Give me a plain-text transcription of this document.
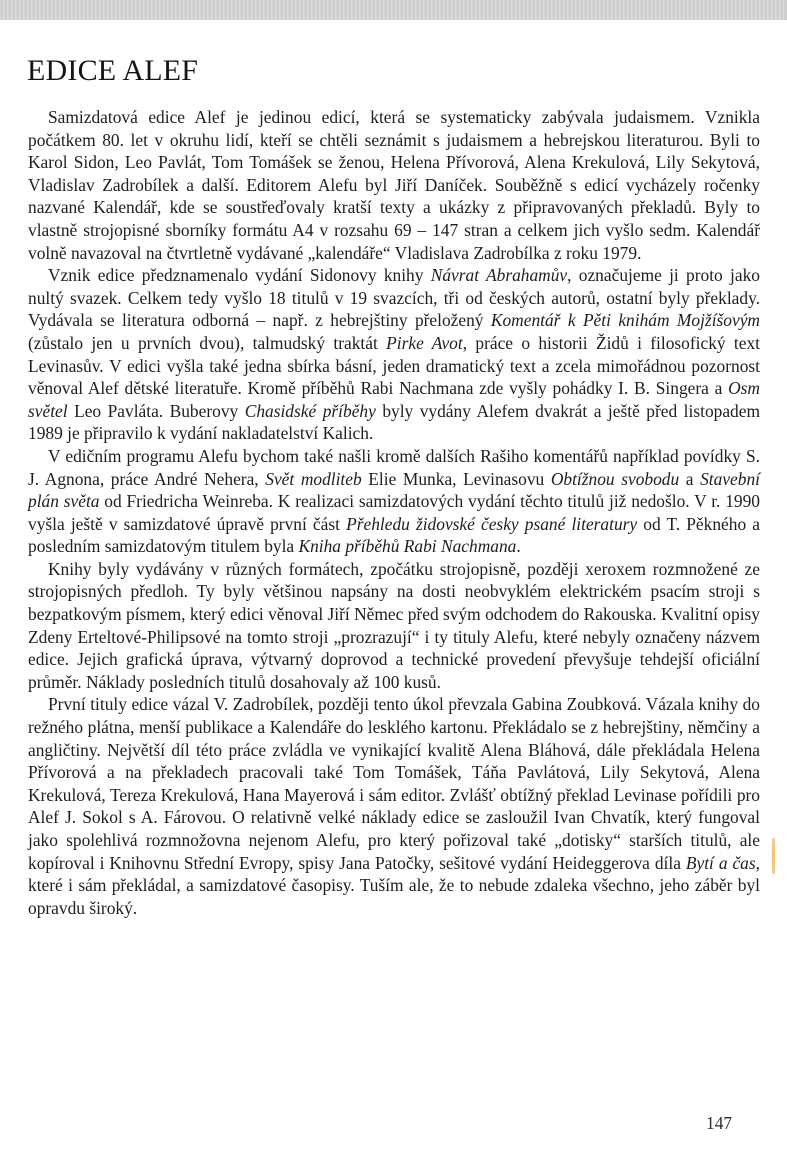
EDICE ALEF

Samizdatová edice Alef je jedinou edicí, která se systematicky zabývala judaismem. Vznikla počátkem 80. let v okruhu lidí, kteří se chtěli seznámit s judaismem a hebrejskou literaturou. Byli to Karol Sidon, Leo Pavlát, Tom Tomášek se ženou, Helena Přívorová, Alena Krekulová, Lily Sekytová, Vladislav Zadrobílek a další. Editorem Alefu byl Jiří Daníček. Souběžně s edicí vycházely ročenky nazvané Kalendář, kde se soustřeďovaly kratší texty a ukázky z připravovaných překladů. Byly to vlastně strojopisné sborníky formátu A4 v rozsahu 69 – 147 stran a celkem jich vyšlo sedm. Kalendář volně navazoval na čtvrtletně vydávané „kalendáře“ Vladislava Zadrobílka z roku 1979.

Vznik edice předznamenalo vydání Sidonovy knihy Návrat Abrahamův, označujeme ji proto jako nultý svazek. Celkem tedy vyšlo 18 titulů v 19 svazcích, tři od českých autorů, ostatní byly překlady. Vydávala se literatura odborná – např. z hebrejštiny přeložený Komentář k Pěti knihám Mojžíšovým (zůstalo jen u prvních dvou), talmudský traktát Pirke Avot, práce o historii Židů i filosofický text Levinasův. V edici vyšla také jedna sbírka básní, jeden dramatický text a zcela mimořádnou pozornost věnoval Alef dětské literatuře. Kromě příběhů Rabi Nachmana zde vyšly pohádky I. B. Singera a Osm světel Leo Pavláta. Buberovy Chasidské příběhy byly vydány Alefem dvakrát a ještě před listopadem 1989 je připravilo k vydání nakladatelství Kalich.

V edičním programu Alefu bychom také našli kromě dalších Rašiho komentářů například povídky S. J. Agnona, práce André Nehera, Svět modliteb Elie Munka, Levinasovu Obtížnou svobodu a Stavební plán světa od Friedricha Weinreba. K realizaci samizdatových vydání těchto titulů již nedošlo. V r. 1990 vyšla ještě v samizdatové úpravě první část Přehledu židovské česky psané literatury od T. Pěkného a posledním samizdatovým titulem byla Kniha příběhů Rabi Nachmana.

Knihy byly vydávány v různých formátech, zpočátku strojopisně, později xeroxem rozmnožené ze strojopisných předloh. Ty byly většinou napsány na dosti neobvyklém elektrickém psacím stroji s bezpatkovým písmem, který edici věnoval Jiří Němec před svým odchodem do Rakouska. Kvalitní opisy Zdeny Erteltové-Philipsové na tomto stroji „prozrazují“ i ty tituly Alefu, které nebyly označeny názvem edice. Jejich grafická úprava, výtvarný doprovod a technické provedení převyšuje tehdejší oficiální průměr. Náklady posledních titulů dosahovaly až 100 kusů.

První tituly edice vázal V. Zadrobílek, později tento úkol převzala Gabina Zoubková. Vázala knihy do režného plátna, menší publikace a Kalendáře do lesklého kartonu. Překládalo se z hebrejštiny, němčiny a angličtiny. Největší díl této práce zvládla ve vynikající kvalitě Alena Bláhová, dále překládala Helena Přívorová a na překladech pracovali také Tom Tomášek, Táňa Pavlátová, Lily Sekytová, Alena Krekulová, Tereza Krekulová, Hana Mayerová i sám editor. Zvlášť obtížný překlad Levinase pořídili pro Alef J. Sokol s A. Fárovou. O relativně velké náklady edice se zasloužil Ivan Chvatík, který fungoval jako spolehlivá rozmnožovna nejenom Alefu, pro který pořizoval také „dotisky“ starších titulů, ale kopíroval i Knihovnu Střední Evropy, spisy Jana Patočky, sešitové vydání Heideggerova díla Bytí a čas, které i sám překládal, a samizdatové časopisy. Tuším ale, že to nebude zdaleka všechno, jeho záběr byl opravdu široký.

147
